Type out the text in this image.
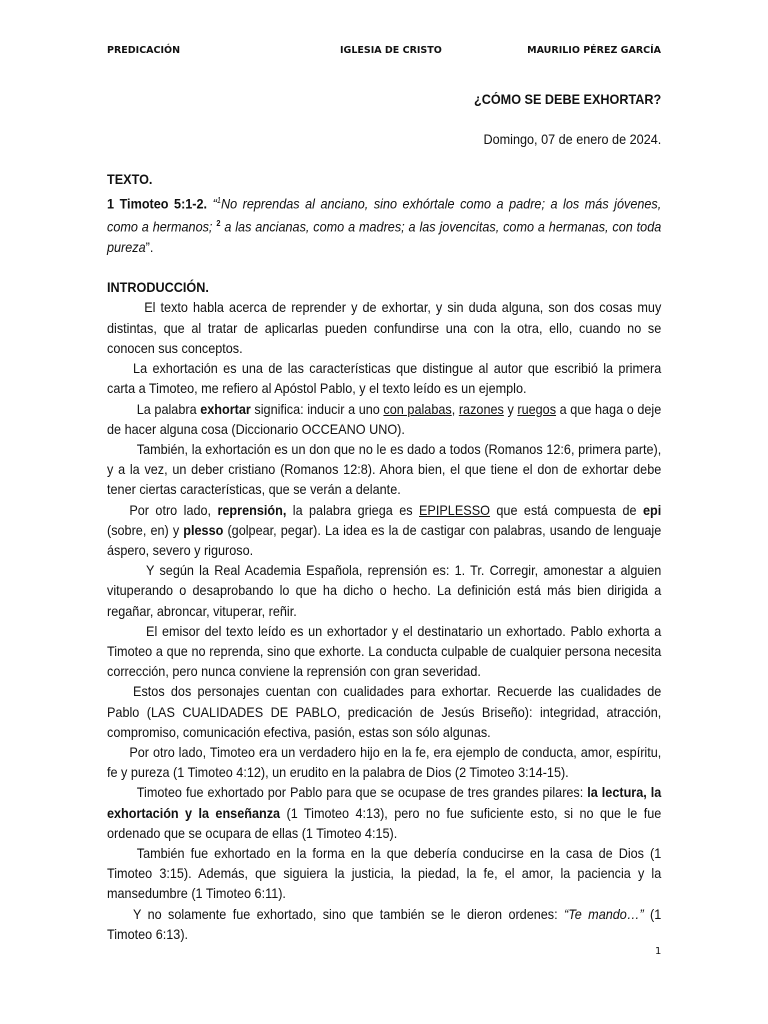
PREDICACIÓN	IGLESIA DE CRISTO	MAURILIO PÉREZ GARCÍA
¿CÓMO SE DEBE EXHORTAR?
Domingo, 07 de enero de 2024.
TEXTO.

1 Timoteo 5:1-2. “$^1$No reprendas al anciano, sino exhórtale como a padre; a los más jóvenes, como a hermanos; $^2$ a las ancianas, como a madres; a las jovencitas, como a hermanas, con toda pureza”.

INTRODUCCIÓN.

El texto habla acerca de reprender y de exhortar, y sin duda alguna, son dos cosas muy distintas, que al tratar de aplicarlas pueden confundirse una con la otra, ello, cuando no se conocen sus conceptos.

La exhortación es una de las características que distingue al autor que escribió la primera carta a Timoteo, me refiero al Apóstol Pablo, y el texto leído es un ejemplo.

La palabra exhortar significa: inducir a uno con palabas, razones y ruegos a que haga o deje de hacer alguna cosa (Diccionario OCCEANO UNO).

También, la exhortación es un don que no le es dado a todos (Romanos 12:6, primera parte), y a la vez, un deber cristiano (Romanos 12:8). Ahora bien, el que tiene el don de exhortar debe tener ciertas características, que se verán a delante.

Por otro lado, reprensión, la palabra griega es EPIPLESSO que está compuesta de epi (sobre, en) y plesso (golpear, pegar). La idea es la de castigar con palabras, usando de lenguaje áspero, severo y riguroso.

Y según la Real Academia Española, reprensión es: 1. Tr. Corregir, amonestar a alguien vituperando o desaprobando lo que ha dicho o hecho. La definición está más bien dirigida a regañar, abroncar, vituperar, reñir.

El emisor del texto leído es un exhortador y el destinatario un exhortado. Pablo exhorta a Timoteo a que no reprenda, sino que exhorte. La conducta culpable de cualquier persona necesita corrección, pero nunca conviene la reprensión con gran severidad.

Estos dos personajes cuentan con cualidades para exhortar. Recuerde las cualidades de Pablo (LAS CUALIDADES DE PABLO, predicación de Jesús Briseño): integridad, atracción, compromiso, comunicación efectiva, pasión, estas son sólo algunas.

Por otro lado, Timoteo era un verdadero hijo en la fe, era ejemplo de conducta, amor, espíritu, fe y pureza (1 Timoteo 4:12), un erudito en la palabra de Dios (2 Timoteo 3:14-15).

Timoteo fue exhortado por Pablo para que se ocupase de tres grandes pilares: la lectura, la exhortación y la enseñanza (1 Timoteo 4:13), pero no fue suficiente esto, si no que le fue ordenado que se ocupara de ellas (1 Timoteo 4:15).

También fue exhortado en la forma en la que debería conducirse en la casa de Dios (1 Timoteo 3:15). Además, que siguiera la justicia, la piedad, la fe, el amor, la paciencia y la mansedumbre (1 Timoteo 6:11).

Y no solamente fue exhortado, sino que también se le dieron ordenes: “Te mando…” (1 Timoteo 6:13).

1
